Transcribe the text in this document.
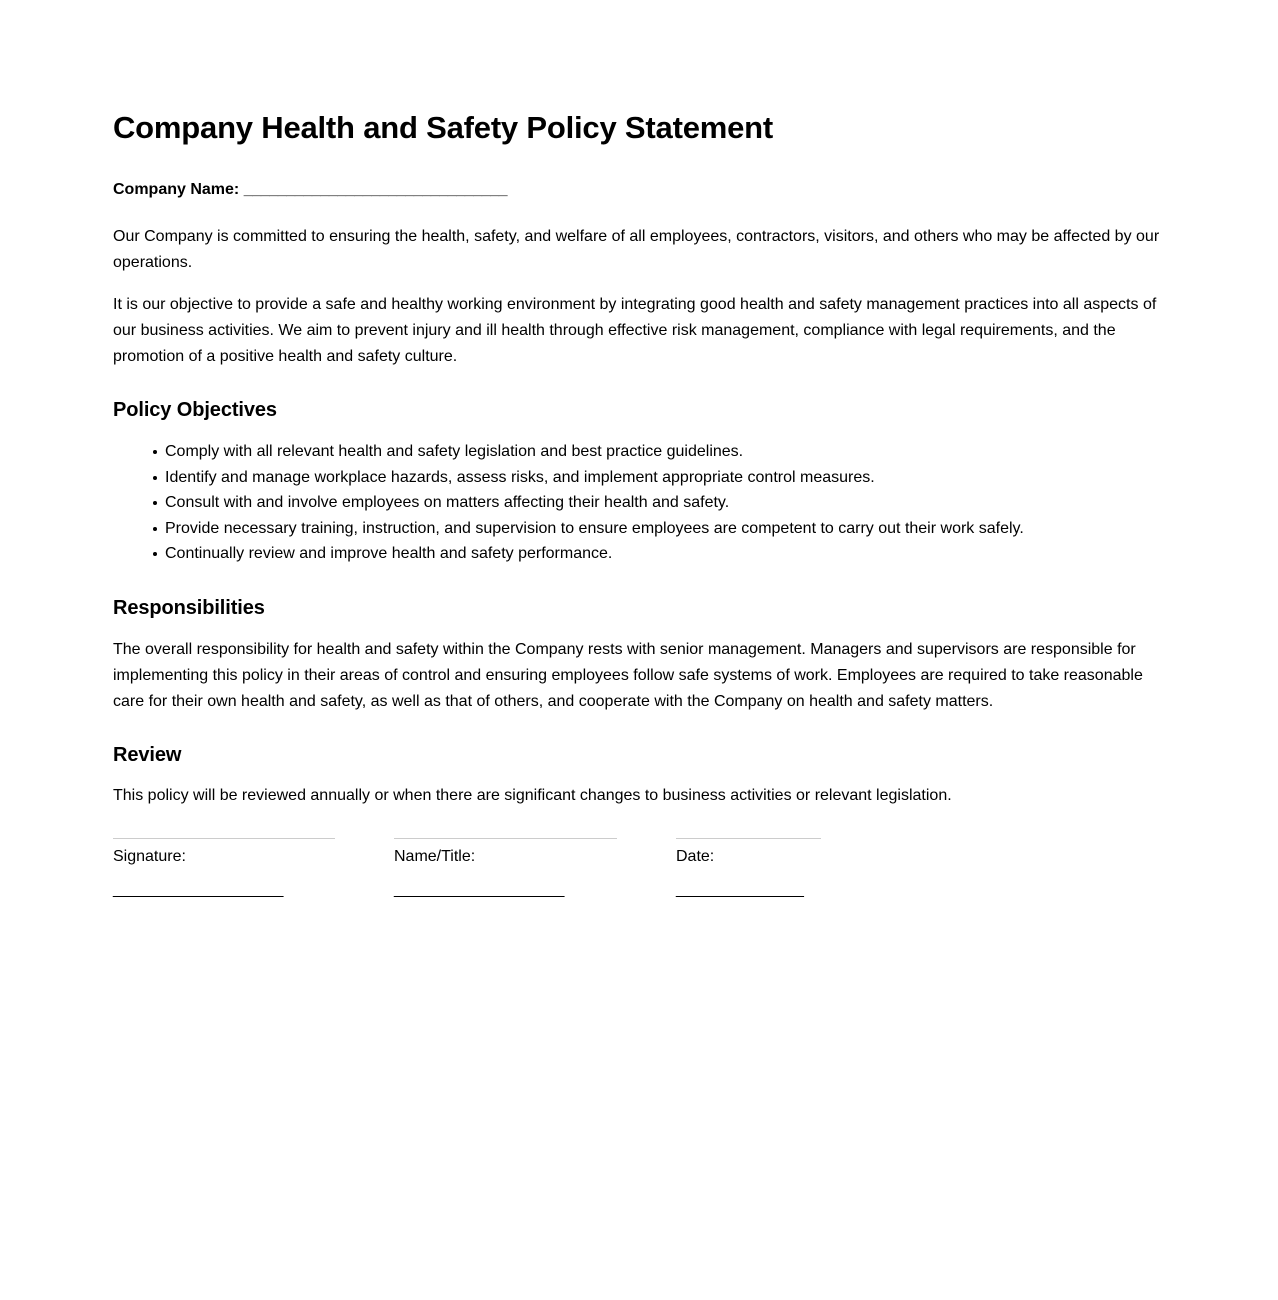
Company Health and Safety Policy Statement
Company Name: _______________________________

Our Company is committed to ensuring the health, safety, and welfare of all employees, contractors, visitors, and others who may be affected by our operations.

It is our objective to provide a safe and healthy working environment by integrating good health and safety management practices into all aspects of our business activities. We aim to prevent injury and ill health through effective risk management, compliance with legal requirements, and the promotion of a positive health and safety culture.

Policy Objectives
Comply with all relevant health and safety legislation and best practice guidelines.
Identify and manage workplace hazards, assess risks, and implement appropriate control measures.
Consult with and involve employees on matters affecting their health and safety.
Provide necessary training, instruction, and supervision to ensure employees are competent to carry out their work safely.
Continually review and improve health and safety performance.
Responsibilities

The overall responsibility for health and safety within the Company rests with senior management. Managers and supervisors are responsible for implementing this policy in their areas of control and ensuring employees follow safe systems of work. Employees are required to take reasonable care for their own health and safety, as well as that of others, and cooperate with the Company on health and safety matters.

Review

This policy will be reviewed annually or when there are significant changes to business activities or relevant legislation.

Signature:
____________________
Name/Title:
____________________
Date:
_______________
